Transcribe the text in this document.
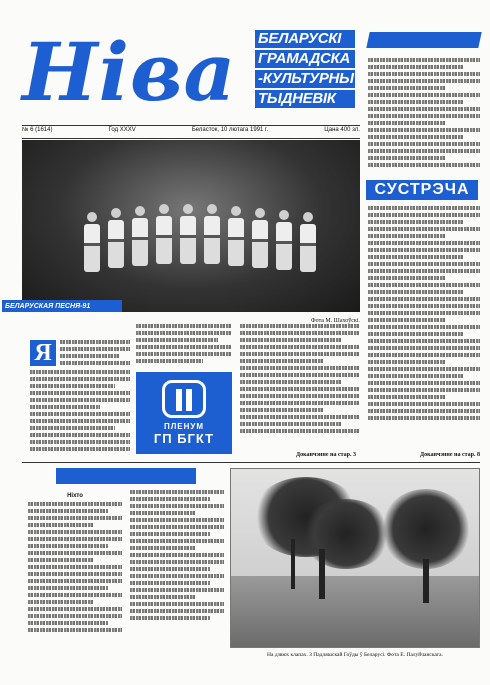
Hiва	БЕЛАРУСКІ
ГРАМАДСКА
-КУЛЬТУРНЫ
ТЫДНЕВІК
№ 6 (1614)	Год XXXV	Беласток, 10 лютага 1991 г.	Цана 400 зл.
БЕЛАРУСКАЯ ПЕСНЯ-91
Фота М. Шахоўскі.
СУСТРЭЧА
Я
ПЛЕНУМ
ГП БГКТ
Доканчэнне на стар. 3	Доканчэнне на стар. 8
Ніхто
На дзвюх клапах. З Падляшскай Гоўды ў Беларусі. Фота Е. Палуйчанскага.
